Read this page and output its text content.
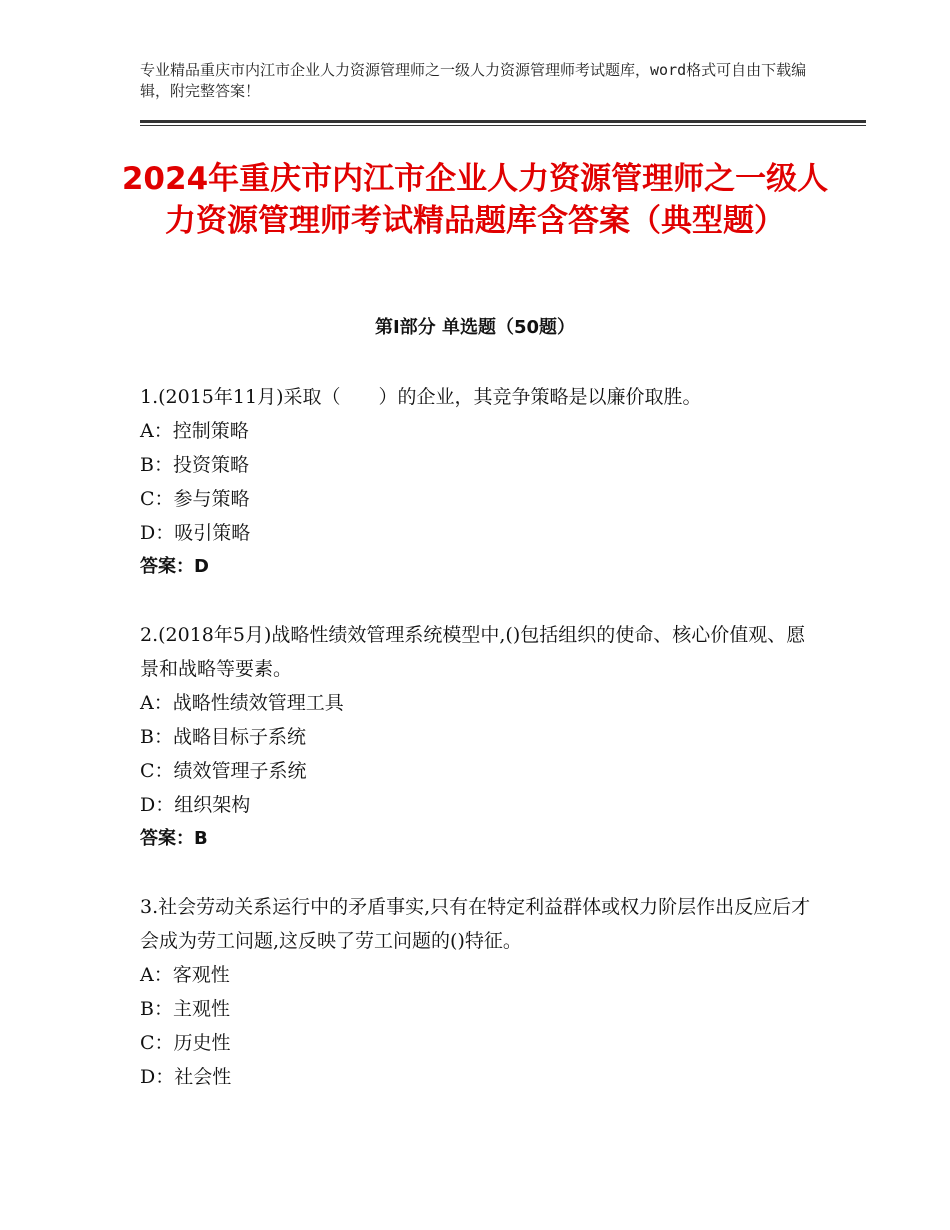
专业精品重庆市内江市企业人力资源管理师之一级人力资源管理师考试题库，word格式可自由下载编辑，附完整答案！
2024年重庆市内江市企业人力资源管理师之一级人力资源管理师考试精品题库含答案（典型题）
第Ⅰ部分 单选题（50题）

1.(2015年11月)采取（　　）的企业，其竞争策略是以廉价取胜。

A：控制策略

B：投资策略

C：参与策略

D：吸引策略

答案：D

2.(2018年5月)战略性绩效管理系统模型中,()包括组织的使命、核心价值观、愿景和战略等要素。

A：战略性绩效管理工具

B：战略目标子系统

C：绩效管理子系统

D：组织架构

答案：B

3.社会劳动关系运行中的矛盾事实,只有在特定利益群体或权力阶层作出反应后才会成为劳工问题,这反映了劳工问题的()特征。

A：客观性

B：主观性

C：历史性

D：社会性
